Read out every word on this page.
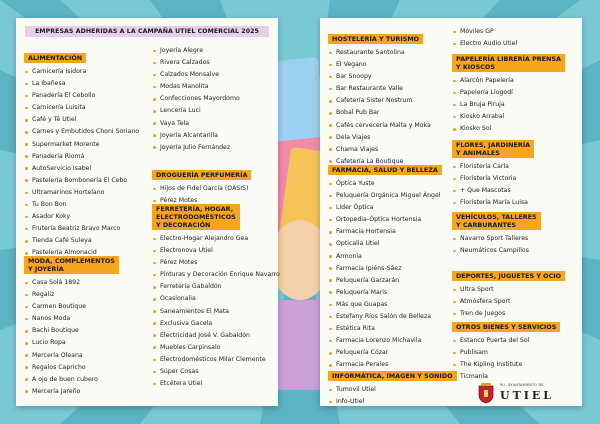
EMPRESAS ADHERIDAS A LA CAMPAÑA UTIEL COMERCIAL 2025
ALIMENTACIÓN
Carnicería Isidora
La Ibañesa
Panadería El Cebollo
Carnicería Luisita
Café y Té Utiel
Carnes y Embutidos Choni Soriano
Supermarket Morente
Panadería Riomá
AutoServicio Isabel
Pastelería Bombonería El Cebo
Ultramarinos Hortelano
Tu Bon Bon
Asador Koky
Frutería Beatriz Bravo Marco
Tienda Café Suleya
Pastelería Almonacid
MODA, COMPLEMENTOS
Y JOYERÍA
Casa Solá 1892
Regaliz
Carmen Boutique
Nanos Moda
Bachi Boutique
Lucio Ropa
Mercería Oleana
Regalos Capricho
A ojo de buen cubero
Mercería Jareño
Joyería Alegre
Rivera Calzados
Calzados Monsalve
Modas Manolita
Confecciones Mayordomo
Lencería Luci
Vaya Tela
Joyería Alcantarilla
Joyería Julio Fernández
DROGUERÍA PERFUMERÍA
Hijos de Fidel García (OASIS)
Pérez Motes
FERRETERÍA, HOGAR,
ELECTRODOMÉSTICOS
Y DECORACIÓN
Electro-Hogar Alejandro Gea
Electronova Utiel
Pérez Motes
Pinturas y Decoración Enrique Navarro
Ferretería Gabaldón
Ocasionalia
Saneamientos El Mata
Exclusiva Gacela
Electricidad José V. Gabaldón
Muebles Carpinsalo
Electrodomésticos Milar Clemente
Súper Cosas
Etcétera Utiel
HOSTELERÍA Y TURISMO
Restaurante Santolina
El Vegano
Bar Snoopy
Bar Restaurante Valle
Cafetería Sister Nostrum
Bobal Pub Bar
Cafés cervecería Malta y Moka
Dela Viajes
Chama Viajes
Cafetería La Boutique
FARMACIA, SALUD Y BELLEZA
Óptica Yuste
Peluquería Orgánica Miguel Ángel
Líder Óptica
Ortopedia-Óptica Hortensia
Farmacia Hortensia
Opticalia Utiel
Armonía
Farmacia Ipiéns-Sáez
Peluquería Garzarán
Peluquería Maris
Más que Guapas
Estefany Ríos Salón de Belleza
Estética Rita
Farmacia Lorenzo Michavila
Peluquería Cózar
Farmacia Perales
INFORMÁTICA, IMAGEN Y SONIDO
Tumovil Utiel
Info-Utiel
Móviles GP
Electro Audio Utiel
PAPELERÍA LIBRERÍA PRENSA
Y KIOSCOS
Alarcón Papelería
Papelería Llogodí
La Bruja Piruja
Kiosko Arrabal
Kiosko Sol
FLORES, JARDINERÍA
Y ANIMALES
Floristería Carla
Floristería Victoria
+ Que Mascotas
Floristería María Luisa
VEHÍCULOS, TALLERES
Y CARBURANTES
Navarro Sport Talleres
Neumáticos Campillos
DEPORTES, JUGUETES Y OCIO
Ultra Sport
Atmósfera Sport
Tren de Juegos
OTROS BIENES Y SERVICIOS
Estanco Puerta del Sol
Publisam
The Kipling Institute
Ticmanía
M.I. AYUNTAMIENTO DE
UTIEL
